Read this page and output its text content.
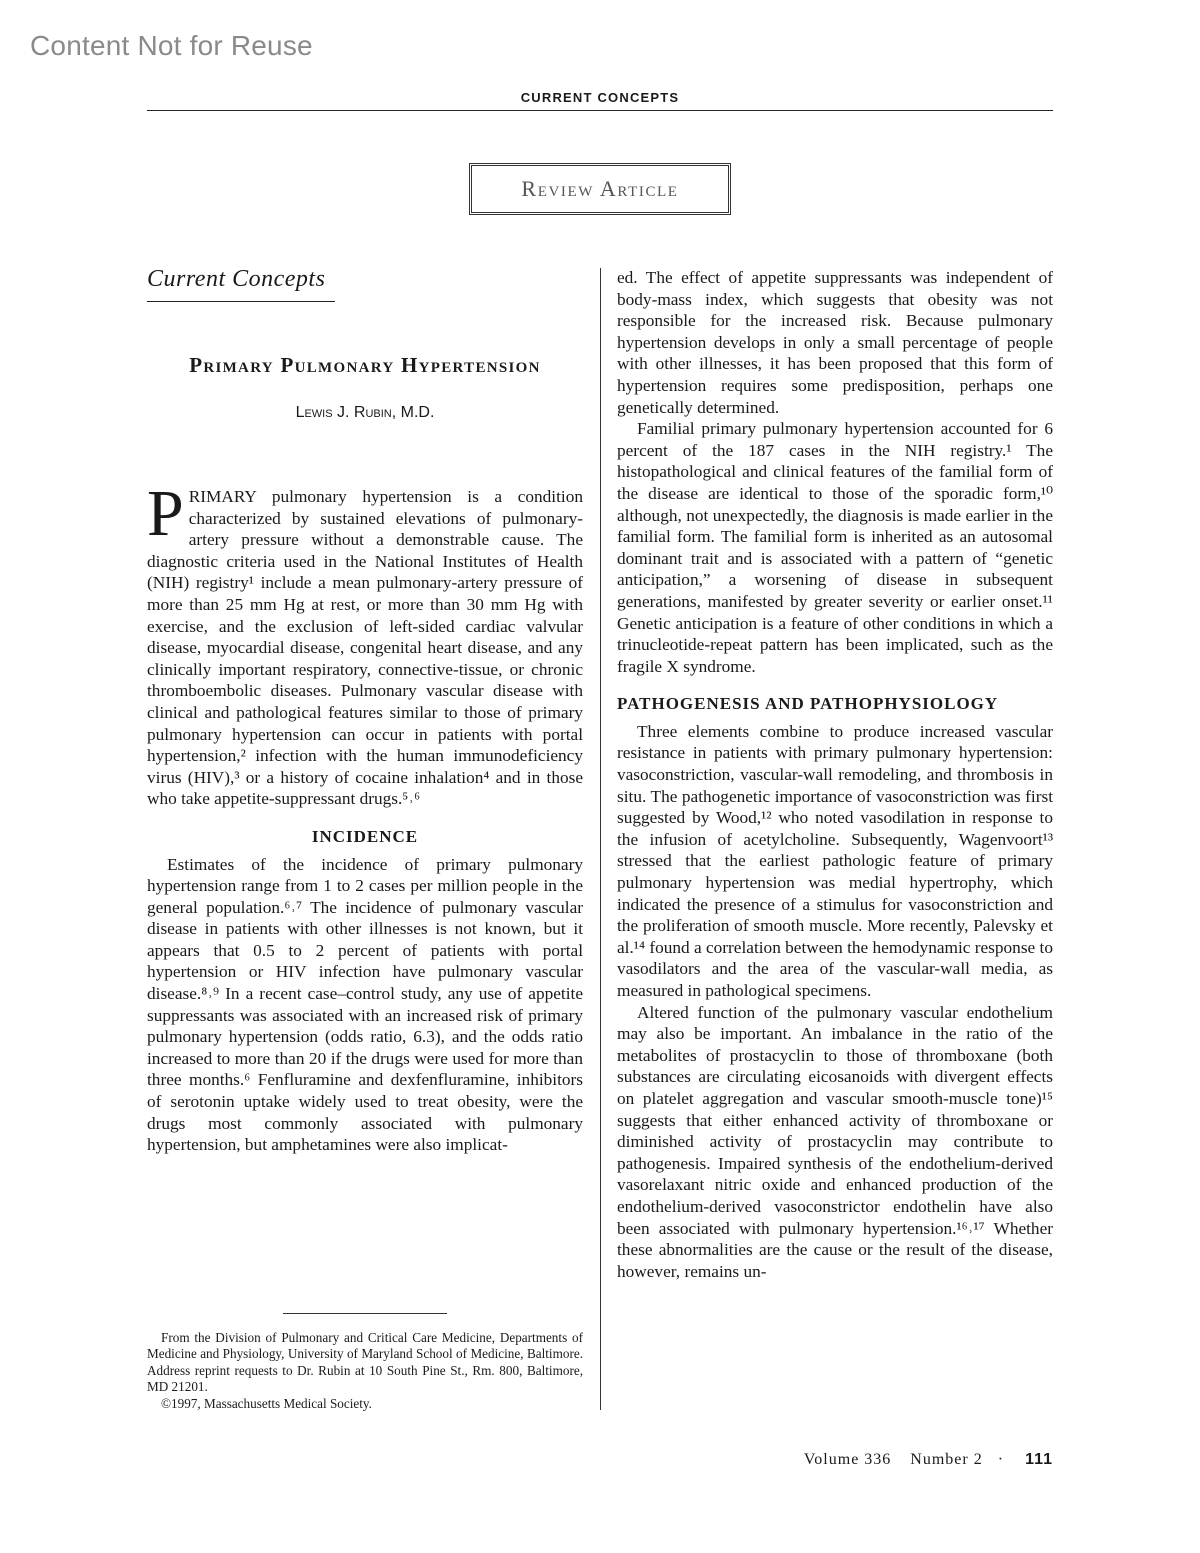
Content Not for Reuse
CURRENT CONCEPTS
Review Article
Current Concepts
Primary Pulmonary Hypertension
Lewis J. Rubin, M.D.

P RIMARY pulmonary hypertension is a condition characterized by sustained elevations of pulmonary-artery pressure without a demonstrable cause. The diagnostic criteria used in the National Institutes of Health (NIH) registry¹ include a mean pulmonary-artery pressure of more than 25 mm Hg at rest, or more than 30 mm Hg with exercise, and the exclusion of left-sided cardiac valvular disease, myocardial disease, congenital heart disease, and any clinically important respiratory, connective-tissue, or chronic thromboembolic diseases. Pulmonary vascular disease with clinical and pathological features similar to those of primary pulmonary hypertension can occur in patients with portal hypertension,² infection with the human immunodeficiency virus (HIV),³ or a history of cocaine inhalation⁴ and in those who take appetite-suppressant drugs.⁵˒⁶

INCIDENCE

Estimates of the incidence of primary pulmonary hypertension range from 1 to 2 cases per million people in the general population.⁶˒⁷ The incidence of pulmonary vascular disease in patients with other illnesses is not known, but it appears that 0.5 to 2 percent of patients with portal hypertension or HIV infection have pulmonary vascular disease.⁸˒⁹ In a recent case–control study, any use of appetite suppressants was associated with an increased risk of primary pulmonary hypertension (odds ratio, 6.3), and the odds ratio increased to more than 20 if the drugs were used for more than three months.⁶ Fenfluramine and dexfenfluramine, inhibitors of serotonin uptake widely used to treat obesity, were the drugs most commonly associated with pulmonary hypertension, but amphetamines were also implicat-

ed. The effect of appetite suppressants was independent of body-mass index, which suggests that obesity was not responsible for the increased risk. Because pulmonary hypertension develops in only a small percentage of people with other illnesses, it has been proposed that this form of hypertension requires some predisposition, perhaps one genetically determined.

Familial primary pulmonary hypertension accounted for 6 percent of the 187 cases in the NIH registry.¹ The histopathological and clinical features of the familial form of the disease are identical to those of the sporadic form,¹⁰ although, not unexpectedly, the diagnosis is made earlier in the familial form. The familial form is inherited as an autosomal dominant trait and is associated with a pattern of “genetic anticipation,” a worsening of disease in subsequent generations, manifested by greater severity or earlier onset.¹¹ Genetic anticipation is a feature of other conditions in which a trinucleotide-repeat pattern has been implicated, such as the fragile X syndrome.

PATHOGENESIS AND PATHOPHYSIOLOGY

Three elements combine to produce increased vascular resistance in patients with primary pulmonary hypertension: vasoconstriction, vascular-wall remodeling, and thrombosis in situ. The pathogenetic importance of vasoconstriction was first suggested by Wood,¹² who noted vasodilation in response to the infusion of acetylcholine. Subsequently, Wagenvoort¹³ stressed that the earliest pathologic feature of primary pulmonary hypertension was medial hypertrophy, which indicated the presence of a stimulus for vasoconstriction and the proliferation of smooth muscle. More recently, Palevsky et al.¹⁴ found a correlation between the hemodynamic response to vasodilators and the area of the vascular-wall media, as measured in pathological specimens.

Altered function of the pulmonary vascular endothelium may also be important. An imbalance in the ratio of the metabolites of prostacyclin to those of thromboxane (both substances are circulating eicosanoids with divergent effects on platelet aggregation and vascular smooth-muscle tone)¹⁵ suggests that either enhanced activity of thromboxane or diminished activity of prostacyclin may contribute to pathogenesis. Impaired synthesis of the endothelium-derived vasorelaxant nitric oxide and enhanced production of the endothelium-derived vasoconstrictor endothelin have also been associated with pulmonary hypertension.¹⁶˒¹⁷ Whether these abnormalities are the cause or the result of the disease, however, remains un-

From the Division of Pulmonary and Critical Care Medicine, Departments of Medicine and Physiology, University of Maryland School of Medicine, Baltimore. Address reprint requests to Dr. Rubin at 10 South Pine St., Rm. 800, Baltimore, MD 21201.

©1997, Massachusetts Medical Society.

Volume 336 Number 2 · 111
